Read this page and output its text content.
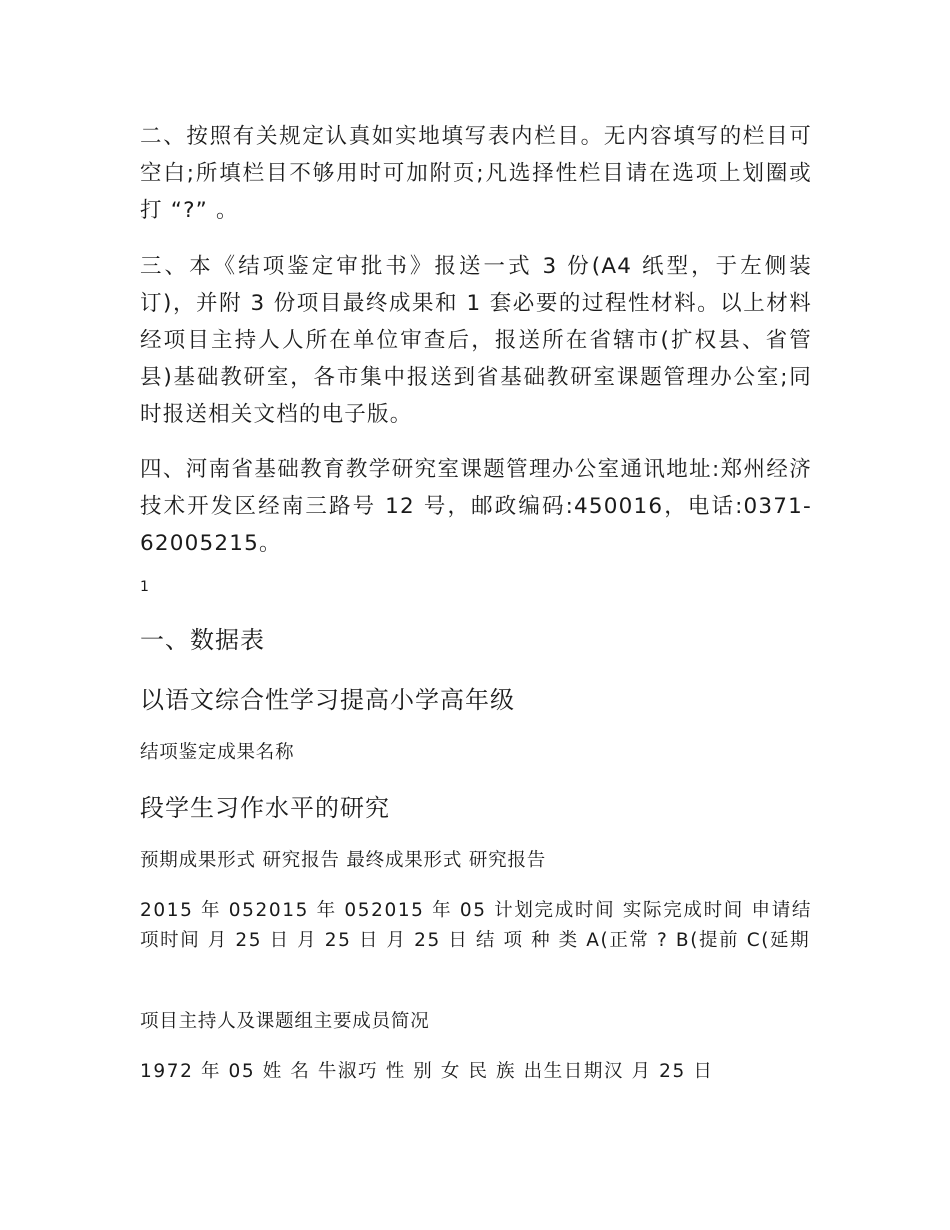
二、按照有关规定认真如实地填写表内栏目。无内容填写的栏目可空白;所填栏目不够用时可加附页;凡选择性栏目请在选项上划圈或打 “?” 。

三、本《结项鉴定审批书》报送一式 3 份(A4 纸型，于左侧装订)，并附 3 份项目最终成果和 1 套必要的过程性材料。以上材料经项目主持人人所在单位审查后，报送所在省辖市(扩权县、省管县)基础教研室，各市集中报送到省基础教研室课题管理办公室;同时报送相关文档的电子版。

四、河南省基础教育教学研究室课题管理办公室通讯地址:郑州经济技术开发区经南三路号 12 号，邮政编码:450016，电话:0371-62005215。

1
一、数据表
以语文综合性学习提高小学高年级
结项鉴定成果名称
段学生习作水平的研究
预期成果形式 研究报告 最终成果形式 研究报告

2015 年 052015 年 052015 年 05 计划完成时间 实际完成时间 申请结项时间 月 25 日 月 25 日 月 25 日 结 项 种 类 A(正常 ? B(提前 C(延期

项目主持人及课题组主要成员简况
1972 年 05 姓 名 牛淑巧 性 别 女 民 族 出生日期汉 月 25 日
